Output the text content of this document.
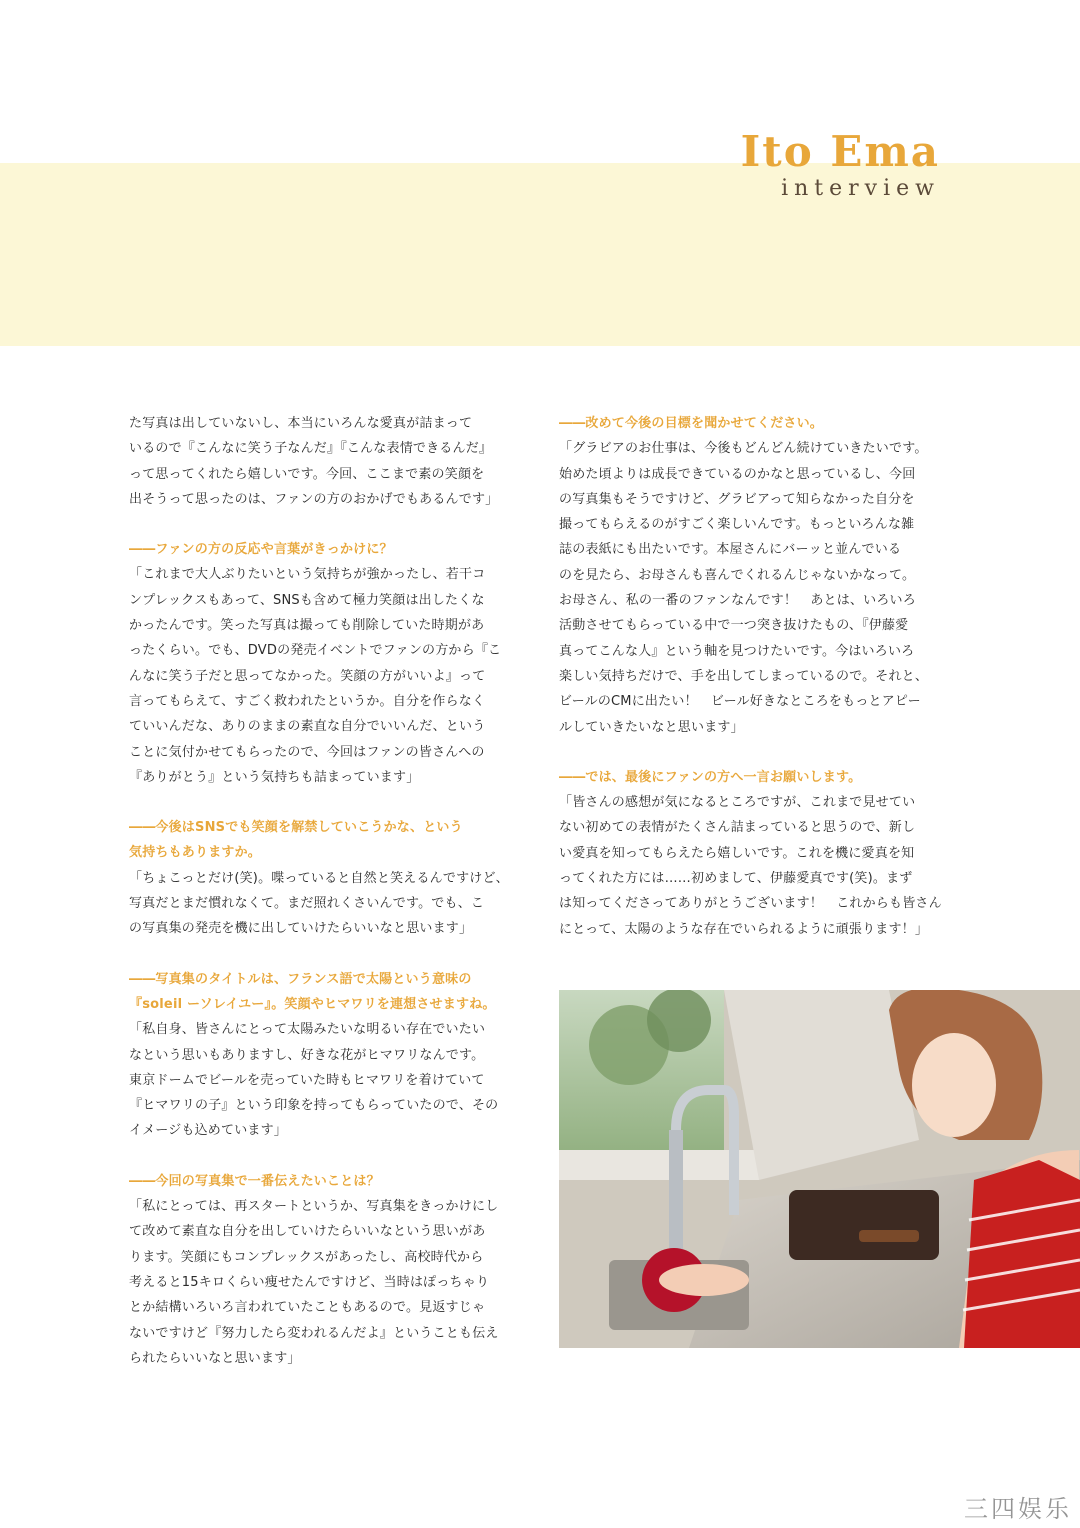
Ito Ema
interview

た写真は出していないし、本当にいろんな愛真が詰まって
いるので『こんなに笑う子なんだ』『こんな表情できるんだ』
って思ってくれたら嬉しいです。今回、ここまで素の笑顔を
出そうって思ったのは、ファンの方のおかげでもあるんです」

――ファンの方の反応や言葉がきっかけに？

「これまで大人ぶりたいという気持ちが強かったし、若干コ
ンプレックスもあって、SNSも含めて極力笑顔は出したくな
かったんです。笑った写真は撮っても削除していた時期があ
ったくらい。でも、DVDの発売イベントでファンの方から『こ
んなに笑う子だと思ってなかった。笑顔の方がいいよ』って
言ってもらえて、すごく救われたというか。自分を作らなく
ていいんだな、ありのままの素直な自分でいいんだ、という
ことに気付かせてもらったので、今回はファンの皆さんへの
『ありがとう』という気持ちも詰まっています」

――今後はSNSでも笑顔を解禁していこうかな、という
気持ちもありますか。

「ちょこっとだけ(笑)。喋っていると自然と笑えるんですけど、
写真だとまだ慣れなくて。まだ照れくさいんです。でも、こ
の写真集の発売を機に出していけたらいいなと思います」

――写真集のタイトルは、フランス語で太陽という意味の
『soleil ーソレイユー』。笑顔やヒマワリを連想させますね。

「私自身、皆さんにとって太陽みたいな明るい存在でいたい
なという思いもありますし、好きな花がヒマワリなんです。
東京ドームでビールを売っていた時もヒマワリを着けていて
『ヒマワリの子』という印象を持ってもらっていたので、その
イメージも込めています」

――今回の写真集で一番伝えたいことは？

「私にとっては、再スタートというか、写真集をきっかけにし
て改めて素直な自分を出していけたらいいなという思いがあ
ります。笑顔にもコンプレックスがあったし、高校時代から
考えると15キロくらい痩せたんですけど、当時はぽっちゃり
とか結構いろいろ言われていたこともあるので。見返すじゃ
ないですけど『努力したら変われるんだよ』ということも伝え
られたらいいなと思います」

――改めて今後の目標を聞かせてください。

「グラビアのお仕事は、今後もどんどん続けていきたいです。
始めた頃よりは成長できているのかなと思っているし、今回
の写真集もそうですけど、グラビアって知らなかった自分を
撮ってもらえるのがすごく楽しいんです。もっといろんな雑
誌の表紙にも出たいです。本屋さんにバーッと並んでいる
のを見たら、お母さんも喜んでくれるんじゃないかなって。
お母さん、私の一番のファンなんです！　あとは、いろいろ
活動させてもらっている中で一つ突き抜けたもの、『伊藤愛
真ってこんな人』という軸を見つけたいです。今はいろいろ
楽しい気持ちだけで、手を出してしまっているので。それと、
ビールのCMに出たい！　ビール好きなところをもっとアピー
ルしていきたいなと思います」

――では、最後にファンの方へ一言お願いします。

「皆さんの感想が気になるところですが、これまで見せてい
ない初めての表情がたくさん詰まっていると思うので、新し
い愛真を知ってもらえたら嬉しいです。これを機に愛真を知
ってくれた方には……初めまして、伊藤愛真です(笑)。まず
は知ってくださってありがとうございます！　これからも皆さん
にとって、太陽のような存在でいられるように頑張ります！」

三四娱乐
